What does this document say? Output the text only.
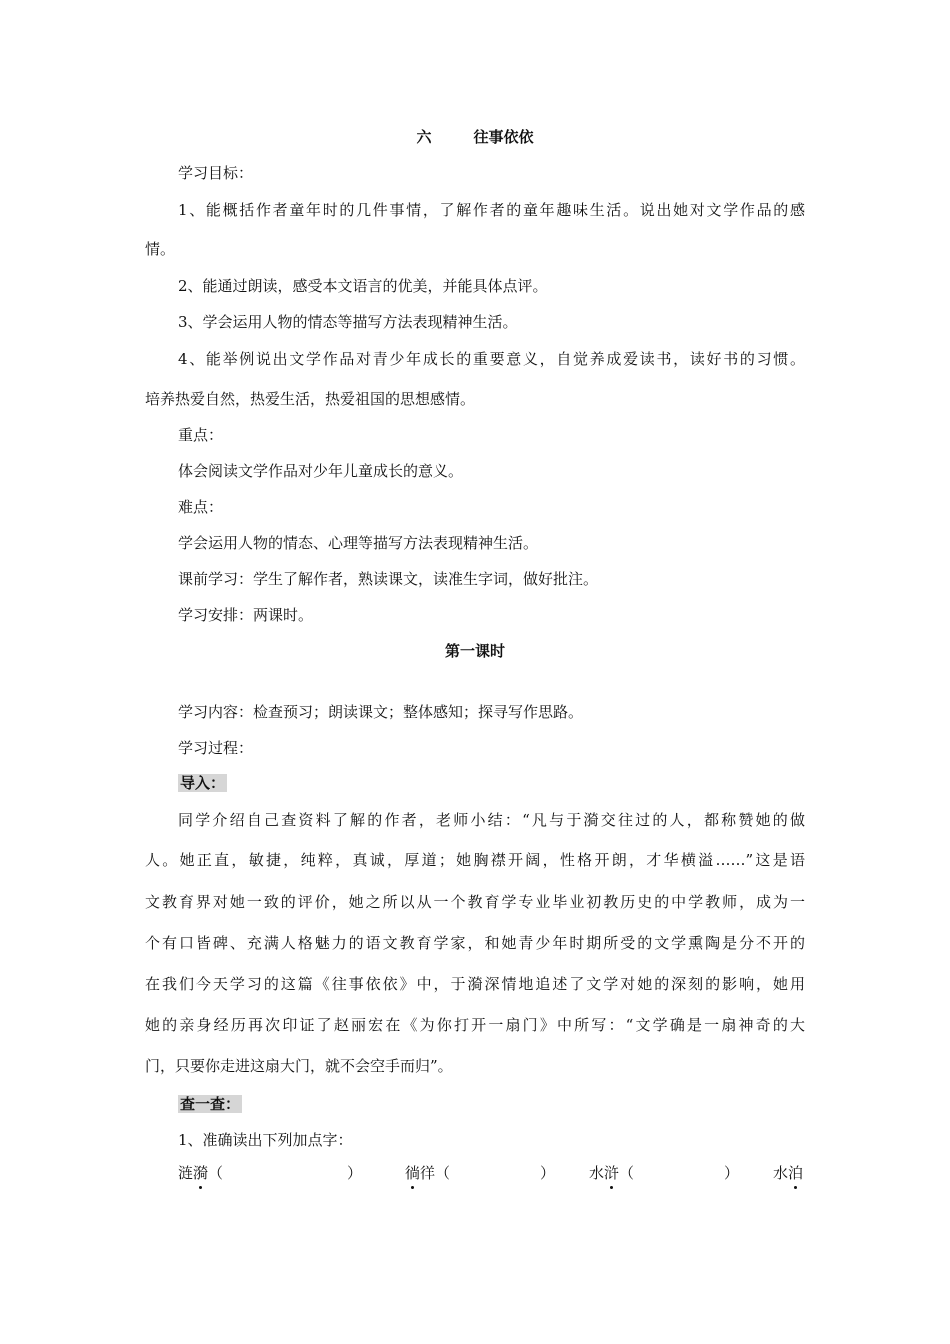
六	往事依依
学习目标：
1、能概括作者童年时的几件事情，了解作者的童年趣味生活。说出她对文学作品的感
情。
2、能通过朗读，感受本文语言的优美，并能具体点评。
3、学会运用人物的情态等描写方法表现精神生活。
4、能举例说出文学作品对青少年成长的重要意义，自觉养成爱读书，读好书的习惯。
培养热爱自然，热爱生活，热爱祖国的思想感情。
重点：
体会阅读文学作品对少年儿童成长的意义。
难点：
学会运用人物的情态、心理等描写方法表现精神生活。
课前学习：学生了解作者，熟读课文，读准生字词，做好批注。
学习安排：两课时。
第一课时
学习内容：检查预习；朗读课文；整体感知；探寻写作思路。
学习过程：
导入：
同学介绍自己查资料了解的作者，老师小结：“凡与于漪交往过的人，都称赞她的做
人。她正直，敏捷，纯粹，真诚，厚道；她胸襟开阔，性格开朗，才华横溢……”这是语
文教育界对她一致的评价，她之所以从一个教育学专业毕业初教历史的中学教师，成为一
个有口皆碑、充满人格魅力的语文教育学家，和她青少年时期所受的文学熏陶是分不开的
在我们今天学习的这篇《往事依依》中，于漪深情地追述了文学对她的深刻的影响，她用
她的亲身经历再次印证了赵丽宏在《为你打开一扇门》中所写：“文学确是一扇神奇的大
门，只要你走进这扇大门，就不会空手而归”。
查一查：
1、准确读出下列加点字：
涟漪（	）	徜徉（	） 水浒（	） 水泊
